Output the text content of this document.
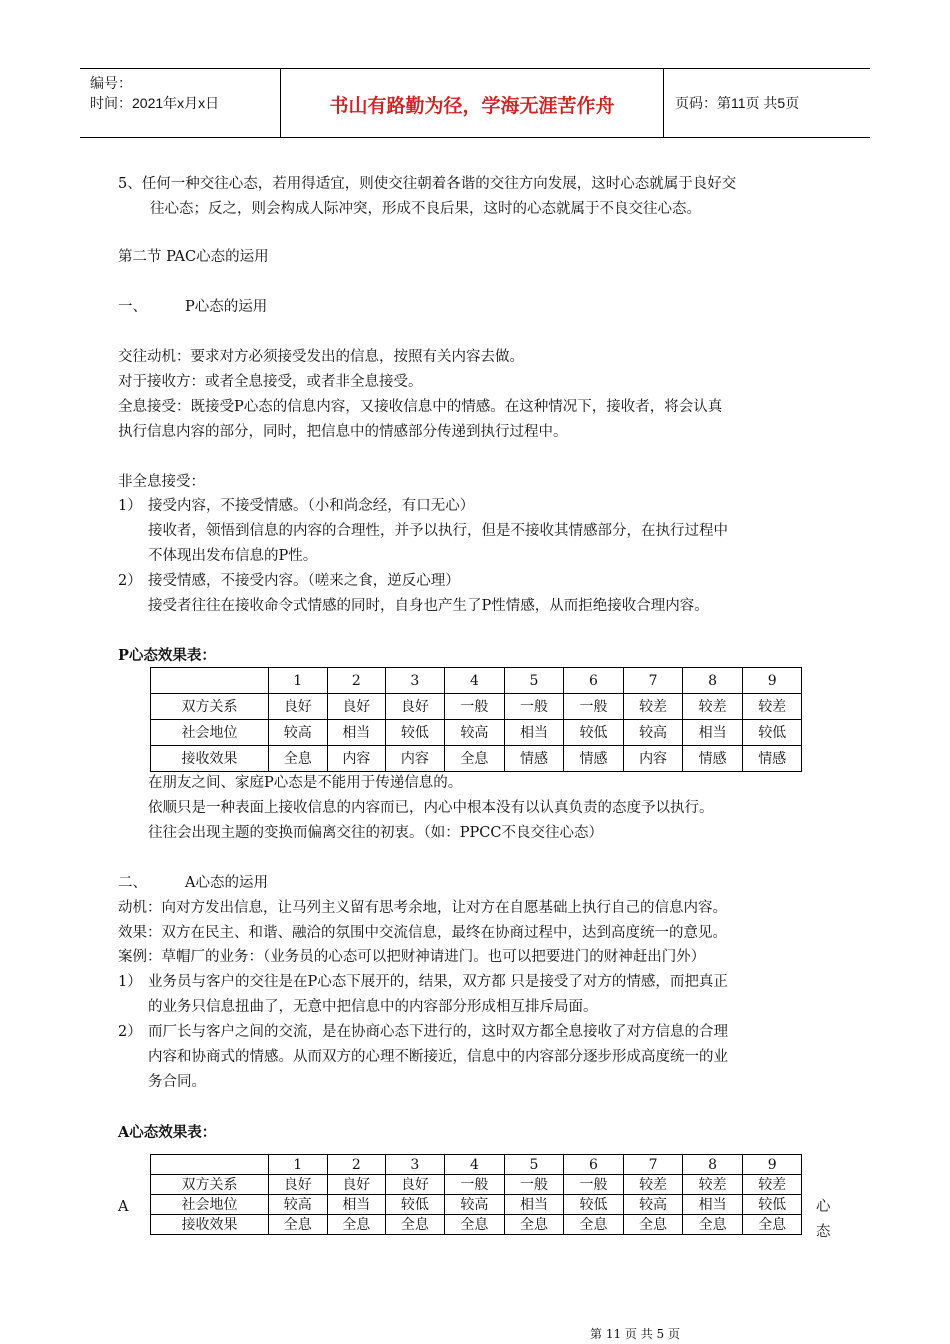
编号：
时间：2021年x月x日	书山有路勤为径，学海无涯苦作舟	页码：第11页 共5页
5、任何一种交往心态，若用得适宜，则使交往朝着各谐的交往方向发展，这时心态就属于良好交
往心态；反之，则会构成人际冲突，形成不良后果，这时的心态就属于不良交往心态。
第二节 PAC心态的运用
一、	P心态的运用
交往动机：要求对方必须接受发出的信息，按照有关内容去做。
对于接收方：或者全息接受，或者非全息接受。
全息接受：既接受P心态的信息内容，又接收信息中的情感。在这种情况下，接收者，将会认真
执行信息内容的部分，同时，把信息中的情感部分传递到执行过程中。
非全息接受：
1） 接受内容，不接受情感。（小和尚念经，有口无心）
接收者，领悟到信息的内容的合理性，并予以执行，但是不接收其情感部分，在执行过程中
不体现出发布信息的P性。
2） 接受情感，不接受内容。（嗟来之食，逆反心理）
接受者往往在接收命令式情感的同时，自身也产生了P性情感，从而拒绝接收合理内容。
P心态效果表：
	1	2	3	4	5	6	7	8	9
双方关系	良好	良好	良好	一般	一般	一般	较差	较差	较差
社会地位	较高	相当	较低	较高	相当	较低	较高	相当	较低
接收效果	全息	内容	内容	全息	情感	情感	内容	情感	情感
在朋友之间、家庭P心态是不能用于传递信息的。
依顺只是一种表面上接收信息的内容而已，内心中根本没有以认真负责的态度予以执行。
往往会出现主题的变换而偏离交往的初衷。（如：PPCC不良交往心态）
二、	A心态的运用
动机：向对方发出信息，让马列主义留有思考余地，让对方在自愿基础上执行自己的信息内容。
效果：双方在民主、和谐、融洽的氛围中交流信息，最终在协商过程中，达到高度统一的意见。
案例：草帽厂的业务：（业务员的心态可以把财神请进门。也可以把要进门的财神赶出门外）
1） 业务员与客户的交往是在P心态下展开的，结果，双方都 只是接受了对方的情感，而把真正
的业务只信息扭曲了，无意中把信息中的内容部分形成相互排斥局面。
2） 而厂长与客户之间的交流，是在协商心态下进行的，这时双方都全息接收了对方信息的合理
内容和协商式的情感。从而双方的心理不断接近，信息中的内容部分逐步形成高度统一的业
务合同。
A心态效果表：
A
	1	2	3	4	5	6	7	8	9
双方关系	良好	良好	良好	一般	一般	一般	较差	较差	较差
社会地位	较高	相当	较低	较高	相当	较低	较高	相当	较低
接收效果	全息	全息	全息	全息	全息	全息	全息	全息	全息
心
态
第 11 页 共 5 页
